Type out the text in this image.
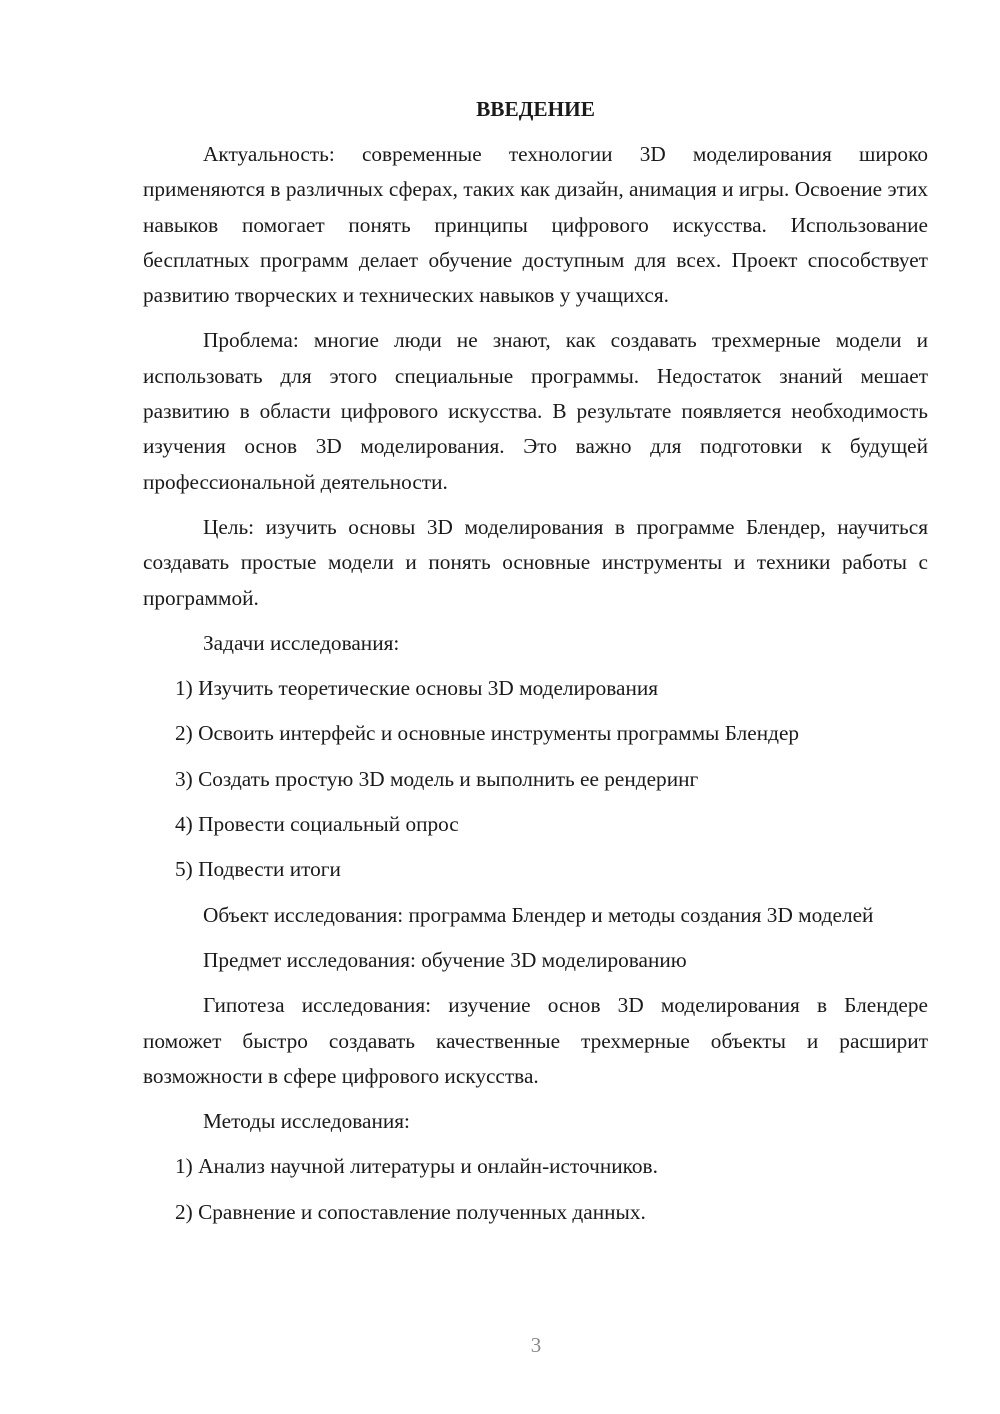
ВВЕДЕНИЕ
Актуальность: современные технологии 3D моделирования широко применяются в различных сферах, таких как дизайн, анимация и игры. Освоение этих навыков помогает понять принципы цифрового искусства. Использование бесплатных программ делает обучение доступным для всех. Проект способствует развитию творческих и технических навыков у учащихся.
Проблема: многие люди не знают, как создавать трехмерные модели и использовать для этого специальные программы. Недостаток знаний мешает развитию в области цифрового искусства. В результате появляется необходимость изучения основ 3D моделирования. Это важно для подготовки к будущей профессиональной деятельности.
Цель: изучить основы 3D моделирования в программе Блендер, научиться создавать простые модели и понять основные инструменты и техники работы с программой.
Задачи исследования:
1) Изучить теоретические основы 3D моделирования
2) Освоить интерфейс и основные инструменты программы Блендер
3) Создать простую 3D модель и выполнить ее рендеринг
4) Провести социальный опрос
5) Подвести итоги
Объект исследования: программа Блендер и методы создания 3D моделей
Предмет исследования: обучение 3D моделированию
Гипотеза исследования: изучение основ 3D моделирования в Блендере поможет быстро создавать качественные трехмерные объекты и расширит возможности в сфере цифрового искусства.
Методы исследования:
1) Анализ научной литературы и онлайн-источников.
2) Сравнение и сопоставление полученных данных.
3
